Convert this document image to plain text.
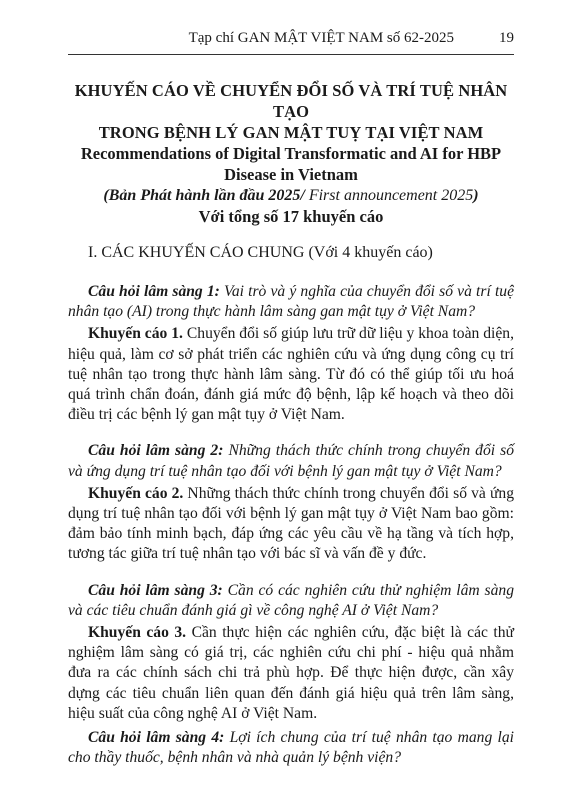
Tạp chí GAN MẬT VIỆT NAM số 62-2025	19
KHUYẾN CÁO VỀ CHUYỂN ĐỔI SỐ VÀ TRÍ TUỆ NHÂN TẠO
TRONG BỆNH LÝ GAN MẬT TUỴ TẠI VIỆT NAM
Recommendations of Digital Transformatic and AI for HBP
Disease in Vietnam
(Bản Phát hành lần đầu 2025/ First announcement 2025)
Với tổng số 17 khuyến cáo
I. CÁC KHUYẾN CÁO CHUNG (Với 4 khuyến cáo)

Câu hỏi lâm sàng 1: Vai trò và ý nghĩa của chuyển đổi số và trí tuệ nhân tạo (AI) trong thực hành lâm sàng gan mật tụy ở Việt Nam?

Khuyến cáo 1. Chuyển đổi số giúp lưu trữ dữ liệu y khoa toàn diện, hiệu quả, làm cơ sở phát triển các nghiên cứu và ứng dụng công cụ trí tuệ nhân tạo trong thực hành lâm sàng. Từ đó có thể giúp tối ưu hoá quá trình chẩn đoán, đánh giá mức độ bệnh, lập kế hoạch và theo dõi điều trị các bệnh lý gan mật tụy ở Việt Nam.

Câu hỏi lâm sàng 2: Những thách thức chính trong chuyển đổi số và ứng dụng trí tuệ nhân tạo đối với bệnh lý gan mật tụy ở Việt Nam?

Khuyến cáo 2. Những thách thức chính trong chuyển đổi số và ứng dụng trí tuệ nhân tạo đối với bệnh lý gan mật tụy ở Việt Nam bao gồm: đảm bảo tính minh bạch, đáp ứng các yêu cầu về hạ tầng và tích hợp, tương tác giữa trí tuệ nhân tạo với bác sĩ và vấn đề y đức.

Câu hỏi lâm sàng 3: Cần có các nghiên cứu thử nghiệm lâm sàng và các tiêu chuẩn đánh giá gì về công nghệ AI ở Việt Nam?

Khuyến cáo 3. Cần thực hiện các nghiên cứu, đặc biệt là các thử nghiệm lâm sàng có giá trị, các nghiên cứu chi phí - hiệu quả nhằm đưa ra các chính sách chi trả phù hợp. Để thực hiện được, cần xây dựng các tiêu chuẩn liên quan đến đánh giá hiệu quả trên lâm sàng, hiệu suất của công nghệ AI ở Việt Nam.

Câu hỏi lâm sàng 4: Lợi ích chung của trí tuệ nhân tạo mang lại cho thầy thuốc, bệnh nhân và nhà quản lý bệnh viện?
